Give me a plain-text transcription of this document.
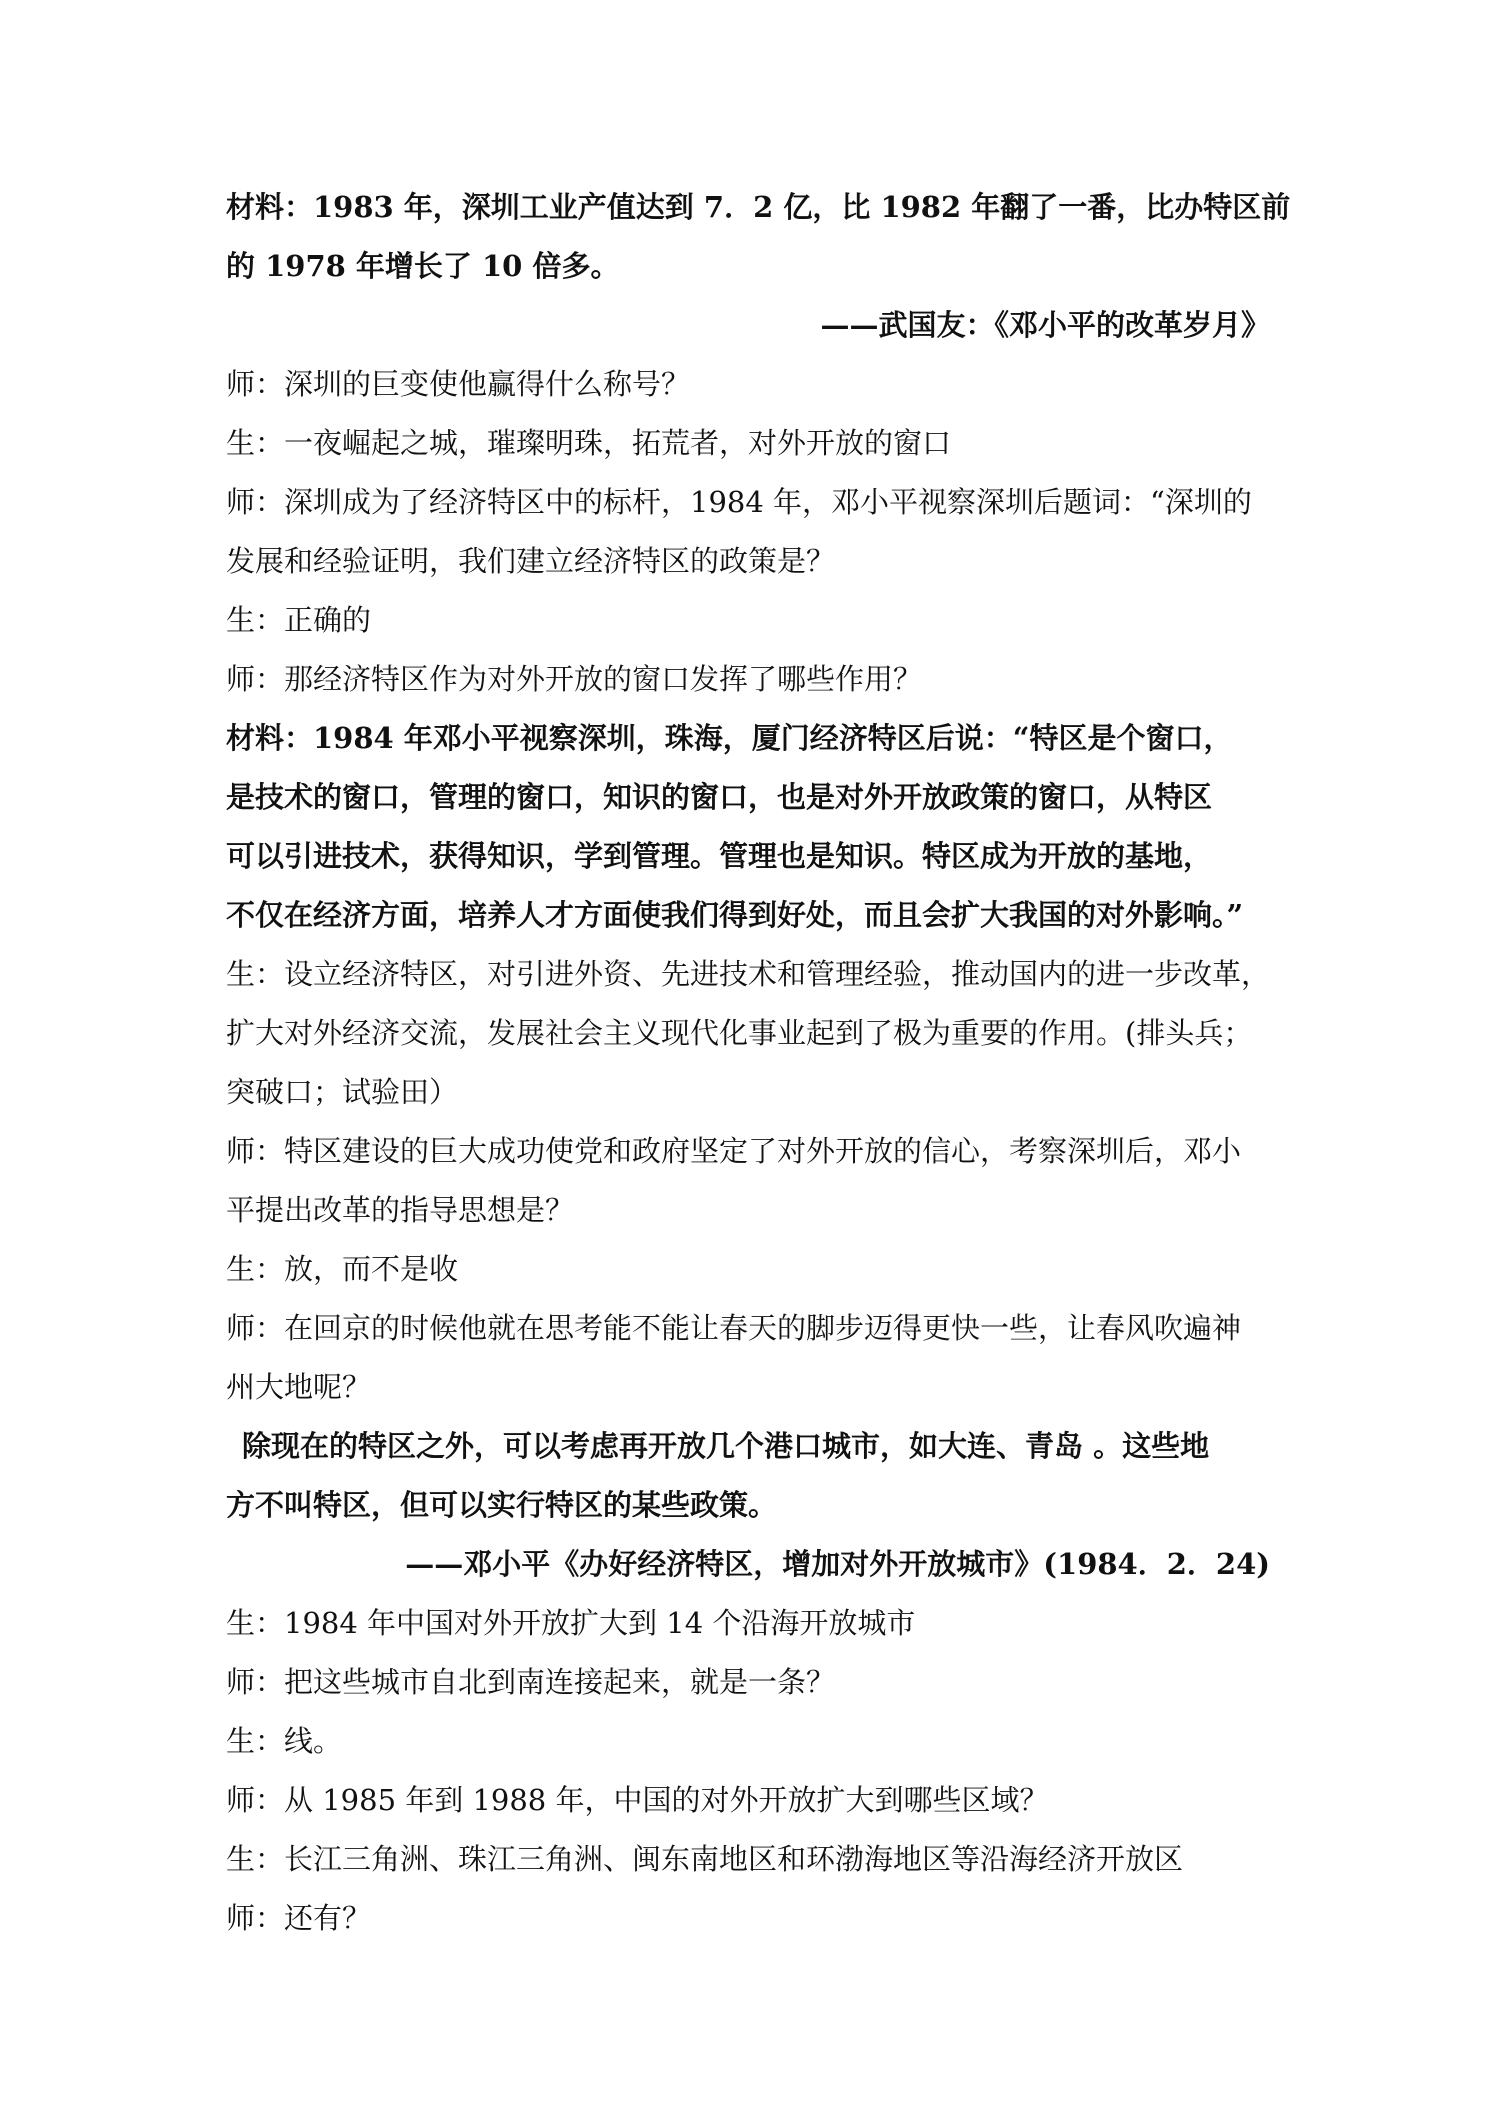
材料：1983 年，深圳工业产值达到 7．2 亿，比 1982 年翻了一番，比办特区前
的 1978 年增长了 10 倍多。
——武国友：《邓小平的改革岁月》
师：深圳的巨变使他赢得什么称号？
生：一夜崛起之城，璀璨明珠，拓荒者，对外开放的窗口
师：深圳成为了经济特区中的标杆，1984 年，邓小平视察深圳后题词：“深圳的
发展和经验证明，我们建立经济特区的政策是？
生：正确的
师：那经济特区作为对外开放的窗口发挥了哪些作用？
材料：1984 年邓小平视察深圳，珠海，厦门经济特区后说：“特区是个窗口，
是技术的窗口，管理的窗口，知识的窗口，也是对外开放政策的窗口，从特区
可以引进技术，获得知识，学到管理。管理也是知识。特区成为开放的基地，
不仅在经济方面，培养人才方面使我们得到好处，而且会扩大我国的对外影响。”
生：设立经济特区，对引进外资、先进技术和管理经验，推动国内的进一步改革，
扩大对外经济交流，发展社会主义现代化事业起到了极为重要的作用。(排头兵；
突破口；试验田）
师：特区建设的巨大成功使党和政府坚定了对外开放的信心，考察深圳后，邓小
平提出改革的指导思想是？
生：放，而不是收
师：在回京的时候他就在思考能不能让春天的脚步迈得更快一些，让春风吹遍神
州大地呢？
除现在的特区之外，可以考虑再开放几个港口城市，如大连、青岛 。这些地
方不叫特区，但可以实行特区的某些政策。
——邓小平《办好经济特区，增加对外开放城市》(1984．2．24)
生：1984 年中国对外开放扩大到 14 个沿海开放城市
师：把这些城市自北到南连接起来，就是一条？
生：线。
师：从 1985 年到 1988 年，中国的对外开放扩大到哪些区域？
生：长江三角洲、珠江三角洲、闽东南地区和环渤海地区等沿海经济开放区
师：还有？
